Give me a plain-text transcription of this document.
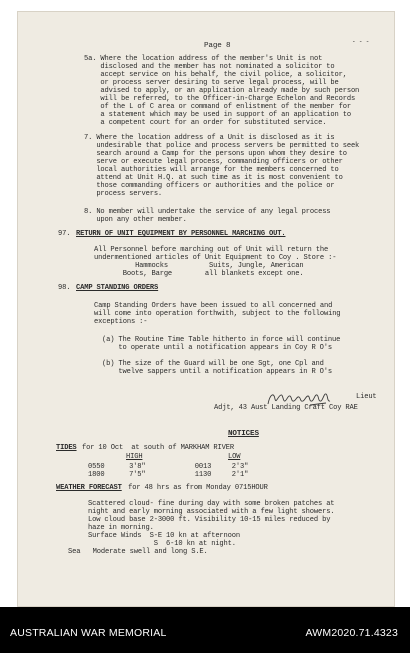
Page 8

- - -

5a. Where the location address of the member's Unit is not

disclosed and the member has not nominated a solicitor to

accept service on his behalf, the civil police, a solicitor,

or process server desiring to serve legal process, will be

advised to apply, or an application already made by such person

will be referred, to the Officer-in-Charge Echelon and Records

of the L of C area or command of enlistment of the member for

a statement which may be used in support of an application to

a competent court for an order for substituted service.

7. Where the location address of a Unit is disclosed as it is

undesirable that police and process servers be permitted to seek

search around a Camp for the persons upon whom they desire to

serve or execute legal process, commanding officers or other

local authorities will arrange for the members concerned to

attend at Unit H.Q. at such time as it is most convenient to

those commanding officers or authorities and the police or

process servers.

8. No member will undertake the service of any legal process

upon any other member.

97. RETURN OF UNIT EQUIPMENT BY PERSONNEL MARCHING OUT.

All Personnel before marching out of Unit will return the

undermentioned articles of Unit Equipment to Coy . Store :-

Hammocks          Suits, Jungle, American

Boots, Barge        all blankets except one.

98. CAMP STANDING ORDERS

Camp Standing Orders have been issued to all concerned and

will come into operation forthwith, subject to the following

exceptions :-

(a) The Routine Time Table hitherto in force will continue

to operate until a notification appears in Coy R O's

(b) The size of the Guard will be one Sgt, one Cpl and

twelve sappers until a notification appears in R O's

Lieut

Adjt, 43 Aust Landing Craft Coy RAE

NOTICES

TIDES for 10 Oct  at south of MARKHAM RIVER

HIGH	LOW

0550      3'8"            0013     2'3"

1800      7'5"            1130     2'1"

WEATHER FORECAST for 48 hrs as from Monday 0715HOUR

Scattered cloud- fine during day with some broken patches at

night and early morning associated with a few light showers.

Low cloud base 2-3000 ft. Visibility 10-15 miles reduced by

haze in morning.

Surface Winds  S-E 10 kn at afternoon

S  6-10 kn at night.

Sea   Moderate swell and long S.E.

AUSTRALIAN WAR MEMORIAL	AWM2020.71.4323
